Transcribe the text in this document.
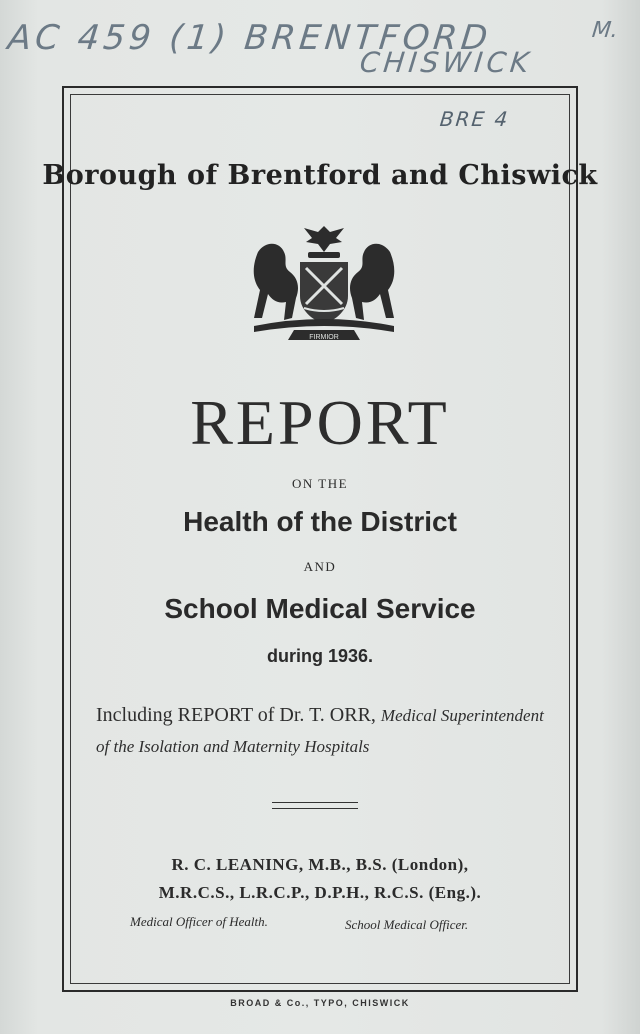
AC 459 (1) BRENTFORD
CHISWICK
M.
BRE 4
Borough of Brentford and Chiswick
FIRMIOR
REPORT
ON THE
Health of the District
AND
School Medical Service
during 1936.
Including REPORT of Dr. T. ORR, Medical Superintendent of the Isolation and Maternity Hospitals
R. C. LEANING, M.B., B.S. (London),
M.R.C.S., L.R.C.P., D.P.H., R.C.S. (Eng.).
Medical Officer of Health.	School Medical Officer.
BROAD & Co., TYPO, CHISWICK
